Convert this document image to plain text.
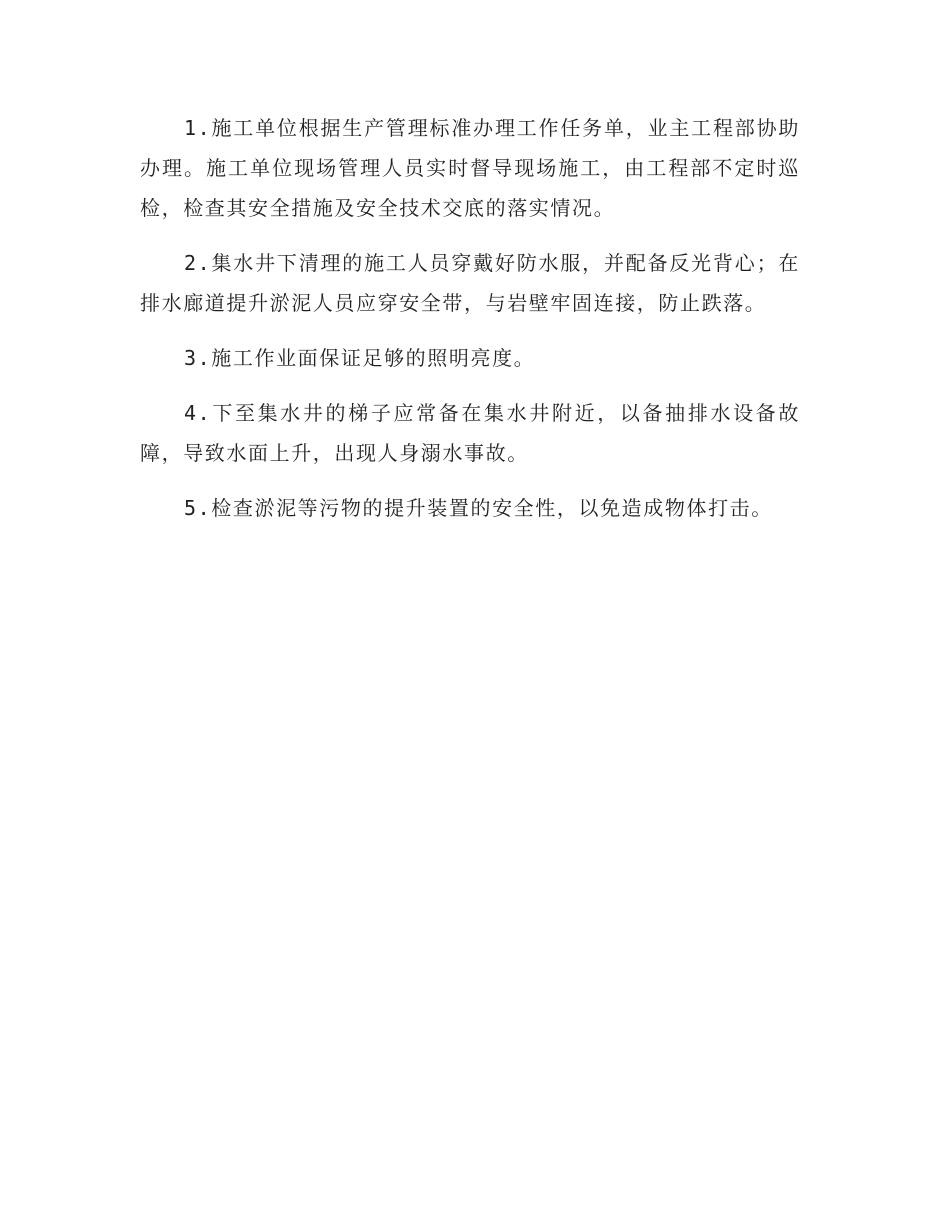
1.施工单位根据生产管理标准办理工作任务单，业主工程部协助办理。施工单位现场管理人员实时督导现场施工，由工程部不定时巡检，检查其安全措施及安全技术交底的落实情况。

2.集水井下清理的施工人员穿戴好防水服，并配备反光背心；在排水廊道提升淤泥人员应穿安全带，与岩壁牢固连接，防止跌落。

3.施工作业面保证足够的照明亮度。

4.下至集水井的梯子应常备在集水井附近，以备抽排水设备故障，导致水面上升，出现人身溺水事故。

5.检查淤泥等污物的提升装置的安全性，以免造成物体打击。
